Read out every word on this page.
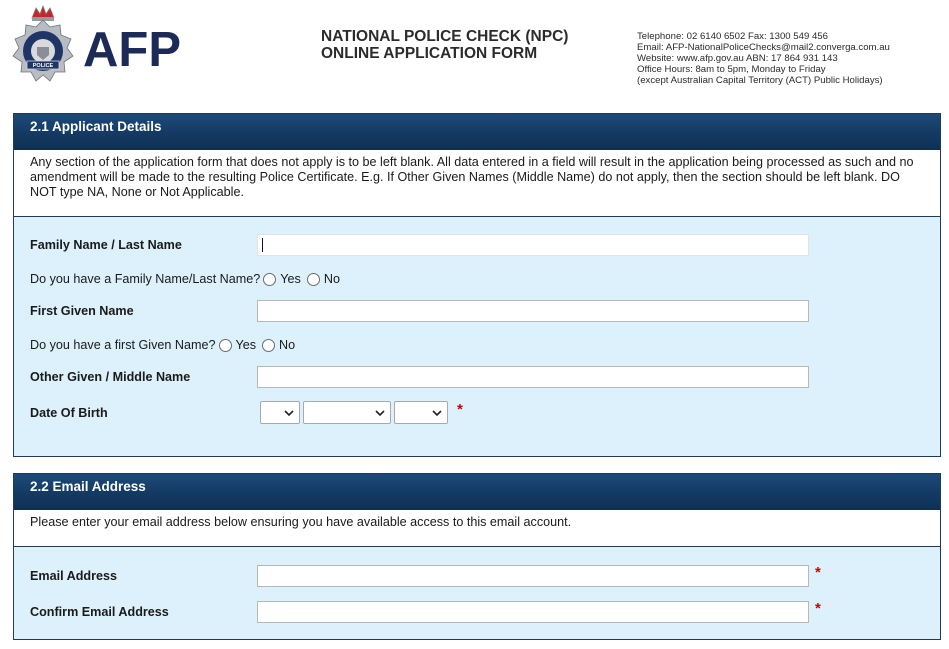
POLICE AFP	NATIONAL POLICE CHECK (NPC)
ONLINE APPLICATION FORM
Telephone: 02 6140 6502 Fax: 1300 549 456
Email: AFP-NationalPoliceChecks@mail2.converga.com.au
Website: www.afp.gov.au ABN: 17 864 931 143
Office Hours: 8am to 5pm, Monday to Friday
(except Australian Capital Territory (ACT) Public Holidays)
2.1 Applicant Details
Any section of the application form that does not apply is to be left blank. All data entered in a field will result in the application being processed as such and no amendment will be made to the resulting Police Certificate. E.g. If Other Given Names (Middle Name) do not apply, then the section should be left blank. DO NOT type NA, None or Not Applicable.
Family Name / Last Name
Do you have a Family Name/Last Name? Yes No
First Given Name
Do you have a first Given Name? Yes No
Other Given / Middle Name
Date Of Birth	*
2.2 Email Address
Please enter your email address below ensuring you have available access to this email account.
Email Address	*
Confirm Email Address	*
